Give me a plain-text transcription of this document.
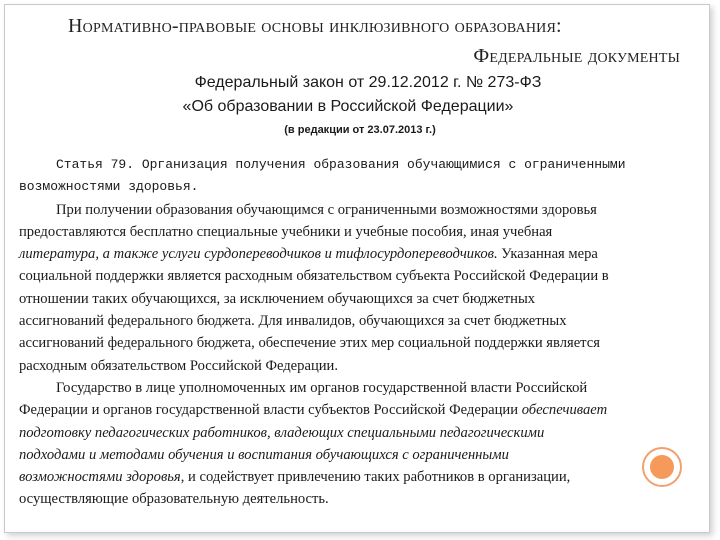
Нормативно-правовые основы инклюзивного образования:
Федеральные документы
Федеральный закон от 29.12.2012 г. № 273-ФЗ
«Об образовании в Российской Федерации»
(в редакции от 23.07.2013 г.)
Статья 79. Организация получения образования обучающимися с ограниченными
возможностями здоровья.
При получении образования обучающимся с ограниченными возможностями здоровья
предоставляются бесплатно специальные учебники и учебные пособия, иная учебная
литература, а также услуги сурдопереводчиков и тифлосурдопереводчиков. Указанная мера
социальной поддержки является расходным обязательством субъекта Российской Федерации в
отношении таких обучающихся, за исключением обучающихся за счет бюджетных
ассигнований федерального бюджета. Для инвалидов, обучающихся за счет бюджетных
ассигнований федерального бюджета, обеспечение этих мер социальной поддержки является
расходным обязательством Российской Федерации.
Государство в лице уполномоченных им органов государственной власти Российской
Федерации и органов государственной власти субъектов Российской Федерации обеспечивает
подготовку педагогических работников, владеющих специальными педагогическими
подходами и методами обучения и воспитания обучающихся с ограниченными
возможностями здоровья, и содействует привлечению таких работников в организации,
осуществляющие образовательную деятельность.
